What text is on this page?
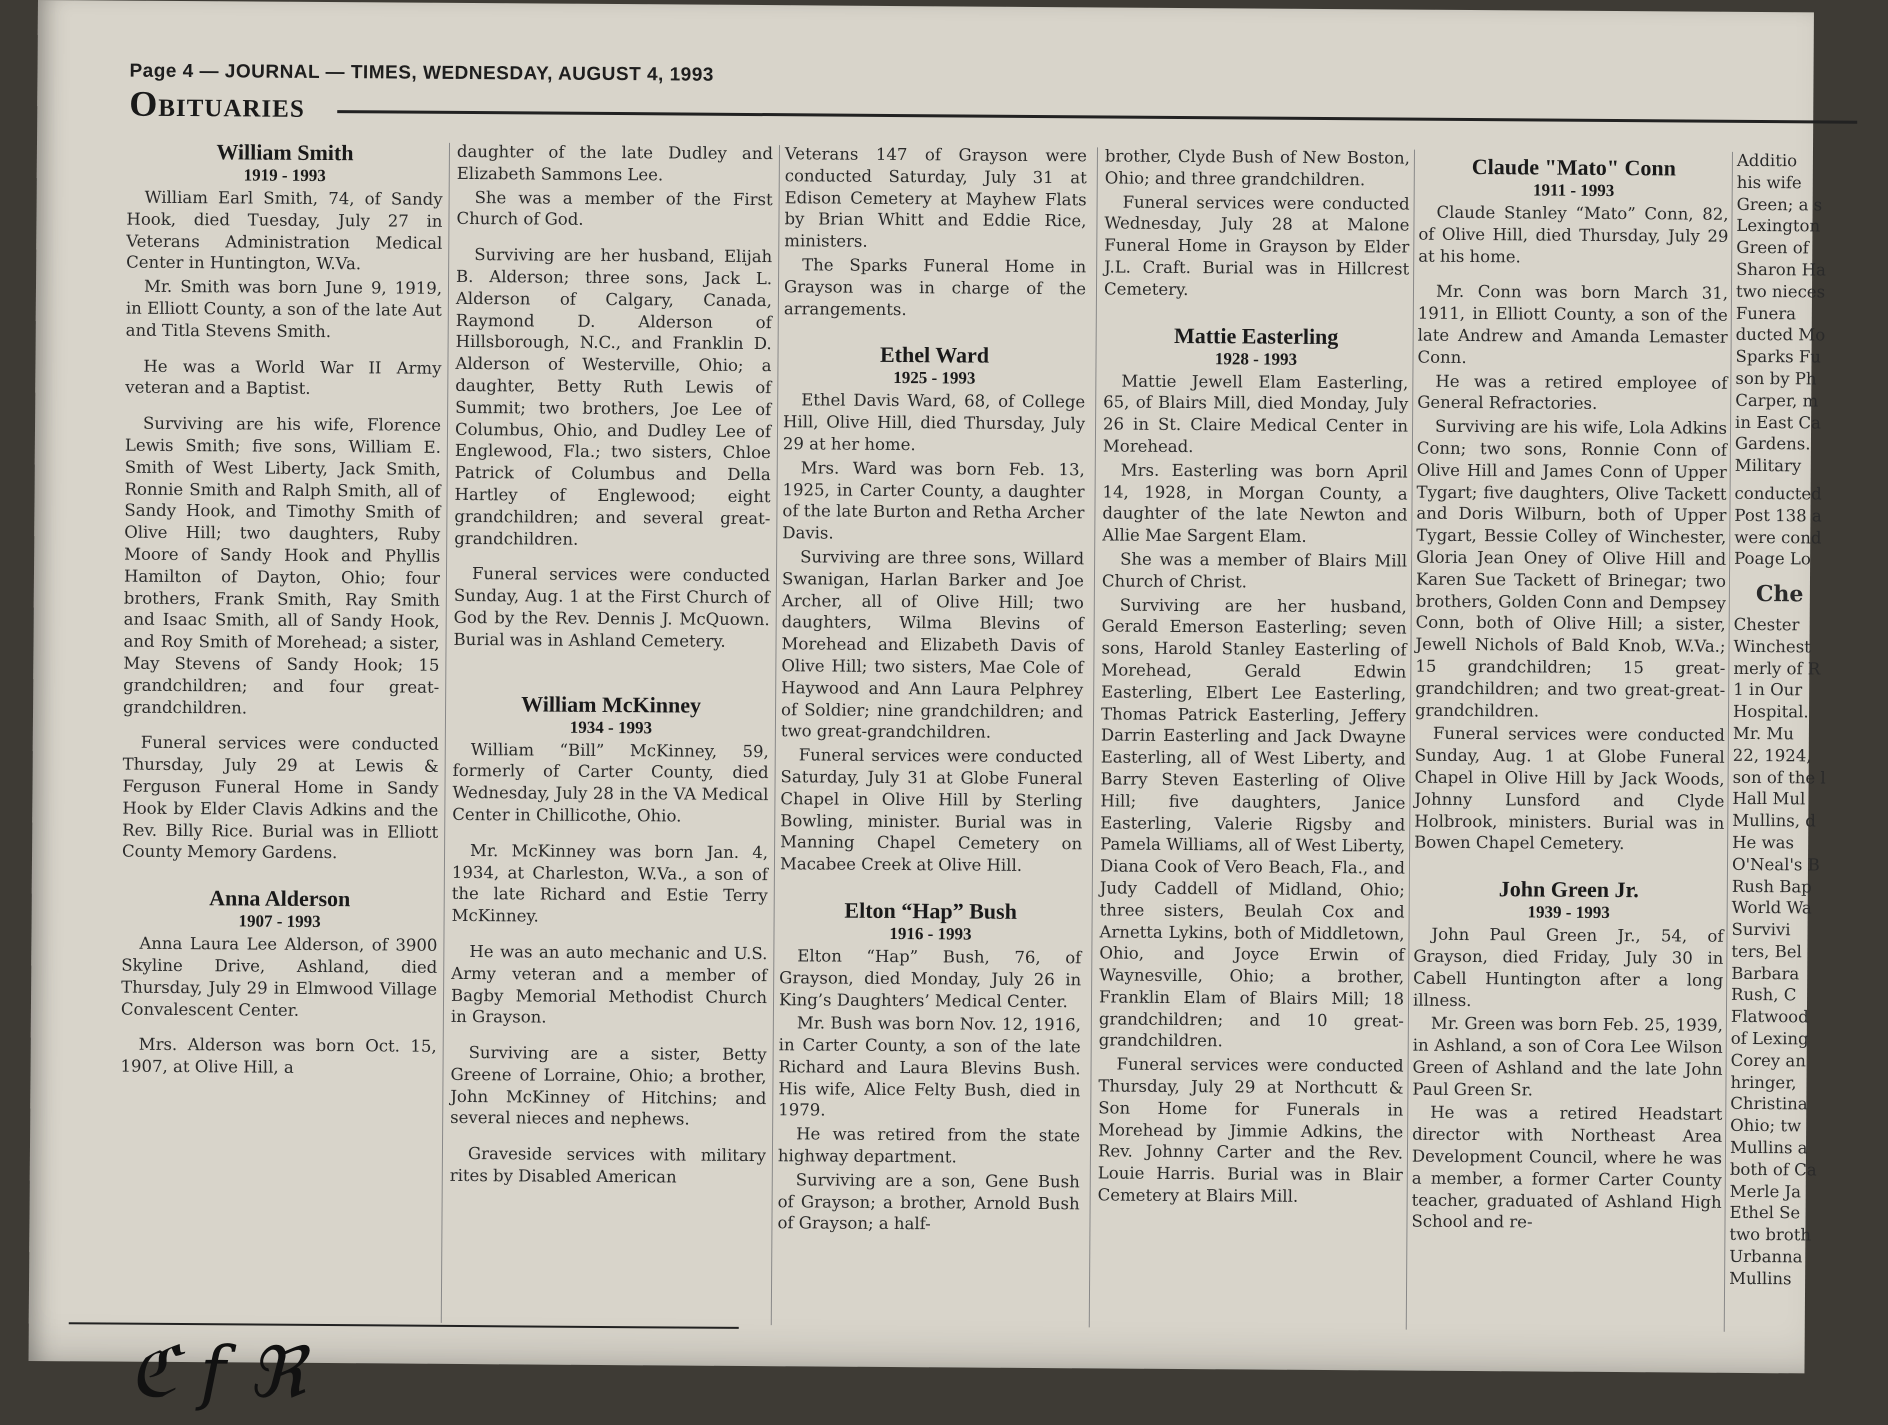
Page 4 — JOURNAL — TIMES, WEDNESDAY, AUGUST 4, 1993
Obituaries
William Smith
1919 - 1993

William Earl Smith, 74, of Sandy Hook, died Tuesday, July 27 in Veterans Administration Medical Center in Huntington, W.Va.

Mr. Smith was born June 9, 1919, in Elliott County, a son of the late Aut and Titla Stevens Smith.

He was a World War II Army veteran and a Baptist.

Surviving are his wife, Florence Lewis Smith; five sons, William E. Smith of West Liberty, Jack Smith, Ronnie Smith and Ralph Smith, all of Sandy Hook, and Timothy Smith of Olive Hill; two daughters, Ruby Moore of Sandy Hook and Phyllis Hamilton of Dayton, Ohio; four brothers, Frank Smith, Ray Smith and Isaac Smith, all of Sandy Hook, and Roy Smith of Morehead; a sister, May Stevens of Sandy Hook; 15 grandchildren; and four great-grandchildren.

Funeral services were conducted Thursday, July 29 at Lewis & Ferguson Funeral Home in Sandy Hook by Elder Clavis Adkins and the Rev. Billy Rice. Burial was in Elliott County Memory Gardens.

Anna Alderson
1907 - 1993

Anna Laura Lee Alderson, of 3900 Skyline Drive, Ashland, died Thursday, July 29 in Elmwood Village Convalescent Center.

Mrs. Alderson was born Oct. 15, 1907, at Olive Hill, a

daughter of the late Dudley and Elizabeth Sammons Lee.

She was a member of the First Church of God.

Surviving are her husband, Elijah B. Alderson; three sons, Jack L. Alderson of Calgary, Canada, Raymond D. Alderson of Hillsborough, N.C., and Franklin D. Alderson of Westerville, Ohio; a daughter, Betty Ruth Lewis of Summit; two brothers, Joe Lee of Columbus, Ohio, and Dudley Lee of Englewood, Fla.; two sisters, Chloe Patrick of Columbus and Della Hartley of Englewood; eight grandchildren; and several great-grandchildren.

Funeral services were conducted Sunday, Aug. 1 at the First Church of God by the Rev. Dennis J. McQuown. Burial was in Ashland Cemetery.

William McKinney
1934 - 1993

William “Bill” McKinney, 59, formerly of Carter County, died Wednesday, July 28 in the VA Medical Center in Chillicothe, Ohio.

Mr. McKinney was born Jan. 4, 1934, at Charleston, W.Va., a son of the late Richard and Estie Terry McKinney.

He was an auto mechanic and U.S. Army veteran and a member of Bagby Memorial Methodist Church in Grayson.

Surviving are a sister, Betty Greene of Lorraine, Ohio; a brother, John McKinney of Hitchins; and several nieces and nephews.

Graveside services with military rites by Disabled American

Veterans 147 of Grayson were conducted Saturday, July 31 at Edison Cemetery at Mayhew Flats by Brian Whitt and Eddie Rice, ministers.

The Sparks Funeral Home in Grayson was in charge of the arrangements.

Ethel Ward
1925 - 1993

Ethel Davis Ward, 68, of College Hill, Olive Hill, died Thursday, July 29 at her home.

Mrs. Ward was born Feb. 13, 1925, in Carter County, a daughter of the late Burton and Retha Archer Davis.

Surviving are three sons, Willard Swanigan, Harlan Barker and Joe Archer, all of Olive Hill; two daughters, Wilma Blevins of Morehead and Elizabeth Davis of Olive Hill; two sisters, Mae Cole of Haywood and Ann Laura Pelphrey of Soldier; nine grandchildren; and two great-grandchildren.

Funeral services were conducted Saturday, July 31 at Globe Funeral Chapel in Olive Hill by Sterling Bowling, minister. Burial was in Manning Chapel Cemetery on Macabee Creek at Olive Hill.

Elton “Hap” Bush
1916 - 1993

Elton “Hap” Bush, 76, of Grayson, died Monday, July 26 in King’s Daughters’ Medical Center.

Mr. Bush was born Nov. 12, 1916, in Carter County, a son of the late Richard and Laura Blevins Bush. His wife, Alice Felty Bush, died in 1979.

He was retired from the state highway department.

Surviving are a son, Gene Bush of Grayson; a brother, Arnold Bush of Grayson; a half-

brother, Clyde Bush of New Boston, Ohio; and three grandchildren.

Funeral services were conducted Wednesday, July 28 at Malone Funeral Home in Grayson by Elder J.L. Craft. Burial was in Hillcrest Cemetery.

Mattie Easterling
1928 - 1993

Mattie Jewell Elam Easterling, 65, of Blairs Mill, died Monday, July 26 in St. Claire Medical Center in Morehead.

Mrs. Easterling was born April 14, 1928, in Morgan County, a daughter of the late Newton and Allie Mae Sargent Elam.

She was a member of Blairs Mill Church of Christ.

Surviving are her husband, Gerald Emerson Easterling; seven sons, Harold Stanley Easterling of Morehead, Gerald Edwin Easterling, Elbert Lee Easterling, Thomas Patrick Easterling, Jeffery Darrin Easterling and Jack Dwayne Easterling, all of West Liberty, and Barry Steven Easterling of Olive Hill; five daughters, Janice Easterling, Valerie Rigsby and Pamela Williams, all of West Liberty, Diana Cook of Vero Beach, Fla., and Judy Caddell of Midland, Ohio; three sisters, Beulah Cox and Arnetta Lykins, both of Middletown, Ohio, and Joyce Erwin of Waynesville, Ohio; a brother, Franklin Elam of Blairs Mill; 18 grandchildren; and 10 great-grandchildren.

Funeral services were conducted Thursday, July 29 at Northcutt & Son Home for Funerals in Morehead by Jimmie Adkins, the Rev. Johnny Carter and the Rev. Louie Harris. Burial was in Blair Cemetery at Blairs Mill.

Claude "Mato" Conn
1911 - 1993

Claude Stanley “Mato” Conn, 82, of Olive Hill, died Thursday, July 29 at his home.

Mr. Conn was born March 31, 1911, in Elliott County, a son of the late Andrew and Amanda Lemaster Conn.

He was a retired employee of General Refractories.

Surviving are his wife, Lola Adkins Conn; two sons, Ronnie Conn of Olive Hill and James Conn of Upper Tygart; five daughters, Olive Tackett and Doris Wilburn, both of Upper Tygart, Bessie Colley of Winchester, Gloria Jean Oney of Olive Hill and Karen Sue Tackett of Brinegar; two brothers, Golden Conn and Dempsey Conn, both of Olive Hill; a sister, Jewell Nichols of Bald Knob, W.Va.; 15 grandchildren; 15 great-grandchildren; and two great-great-grandchildren.

Funeral services were conducted Sunday, Aug. 1 at Globe Funeral Chapel in Olive Hill by Jack Woods, Johnny Lunsford and Clyde Holbrook, ministers. Burial was in Bowen Chapel Cemetery.

John Green Jr.
1939 - 1993

John Paul Green Jr., 54, of Grayson, died Friday, July 30 in Cabell Huntington after a long illness.

Mr. Green was born Feb. 25, 1939, in Ashland, a son of Cora Lee Wilson Green of Ashland and the late John Paul Green Sr.

He was a retired Headstart director with Northeast Area Development Council, where he was a member, a former Carter County teacher, graduated of Ashland High School and re-

Additio
his wife
Green; a s
Lexington
Green of
Sharon Ha
two nieces
Funera
ducted Mo
Sparks Fu
son by Ph
Carper, m
in East Ca
Gardens.
Military
conducted
Post 138 a
were cond
Poage Lo
Che
Chester
Winchest
merly of R
1 in Our
Hospital.
Mr. Mu
22, 1924,
son of the l
Hall Mul
Mullins, d
He was
O'Neal's B
Rush Bap
World Wa
Survivi
ters, Bel
Barbara
Rush, C
Flatwood
of Lexing
Corey an
hringer,
Christina
Ohio; tw
Mullins a
both of Ca
Merle Ja
Ethel Se
two broth
Urbanna
Mullins
ℭ f ℜ
